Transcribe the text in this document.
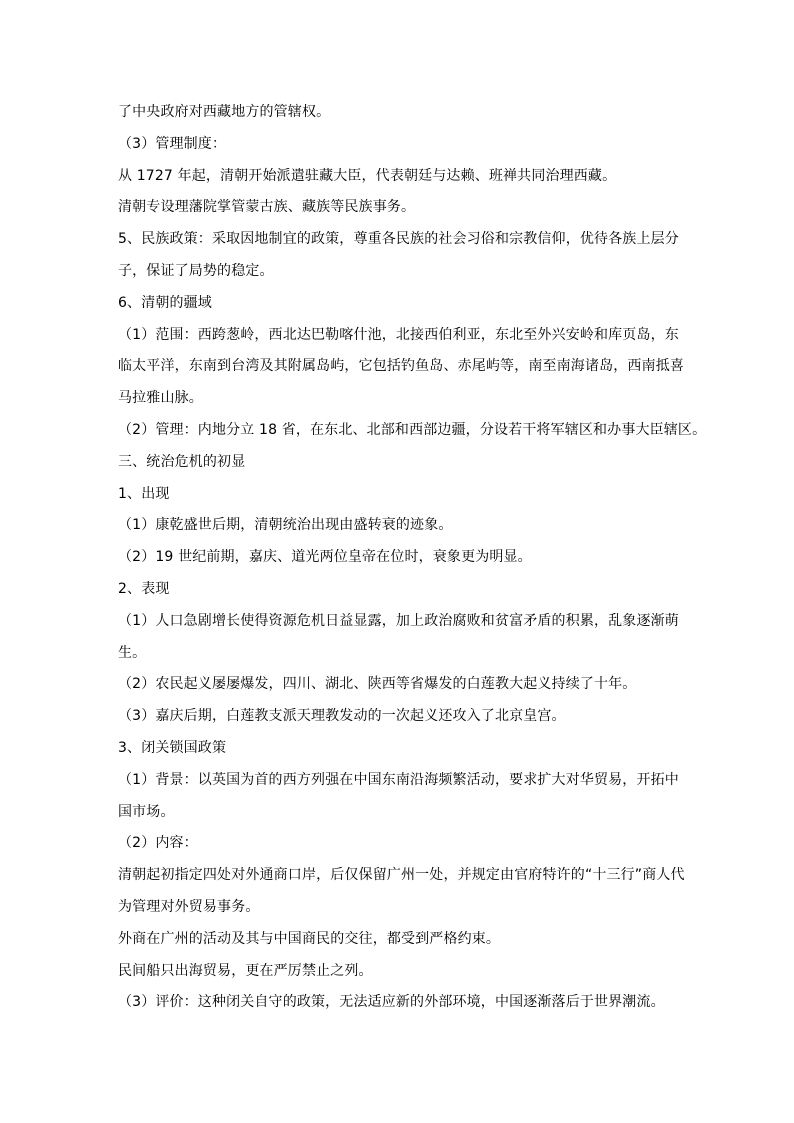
了中央政府对西藏地方的管辖权。
（3）管理制度：
从 1727 年起，清朝开始派遣驻藏大臣，代表朝廷与达赖、班禅共同治理西藏。
清朝专设理藩院掌管蒙古族、藏族等民族事务。
5、民族政策：采取因地制宜的政策，尊重各民族的社会习俗和宗教信仰，优待各族上层分
子，保证了局势的稳定。
6、清朝的疆域
（1）范围：西跨葱岭，西北达巴勒喀什池，北接西伯利亚，东北至外兴安岭和库页岛，东
临太平洋，东南到台湾及其附属岛屿，它包括钓鱼岛、赤尾屿等，南至南海诸岛，西南抵喜
马拉雅山脉。
（2）管理：内地分立 18 省，在东北、北部和西部边疆，分设若干将军辖区和办事大臣辖区。
三、统治危机的初显
1、出现
（1）康乾盛世后期，清朝统治出现由盛转衰的迹象。
（2）19 世纪前期，嘉庆、道光两位皇帝在位时，衰象更为明显。
2、表现
（1）人口急剧增长使得资源危机日益显露，加上政治腐败和贫富矛盾的积累，乱象逐渐萌
生。
（2）农民起义屡屡爆发，四川、湖北、陕西等省爆发的白莲教大起义持续了十年。
（3）嘉庆后期，白莲教支派天理教发动的一次起义还攻入了北京皇宫。
3、闭关锁国政策
（1）背景：以英国为首的西方列强在中国东南沿海频繁活动，要求扩大对华贸易，开拓中
国市场。
（2）内容：
清朝起初指定四处对外通商口岸，后仅保留广州一处，并规定由官府特许的“十三行”商人代
为管理对外贸易事务。
外商在广州的活动及其与中国商民的交往，都受到严格约束。
民间船只出海贸易，更在严厉禁止之列。
（3）评价：这种闭关自守的政策，无法适应新的外部环境，中国逐渐落后于世界潮流。
